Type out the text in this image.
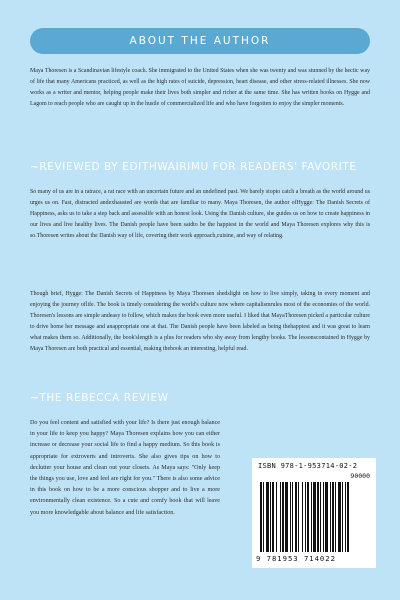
ABOUT THE AUTHOR

Maya Thoresen is a Scandinavian lifestyle coach. She immigrated to the United States when she was twenty and was stunned by the hectic way of life that many Americans practiced, as well as the high rates of suicide, depression, heart disease, and other stress-related illnesses. She now works as a writer and mentor, helping people make their lives both simpler and richer at the same time. She has written books on Hygge and Lagom to reach people who are caught up in the hustle of commercialized life and who have forgotten to enjoy the simpler moments.

~REVIEWED BY EDITHWAIRIMU FOR READERS' FAVORITE

So many of us are in a ratrace, a rat race with an uncertain future and an undefined past. We barely stopto catch a breath as the world around us urges us on. Fast, distracted andexhausted are words that are familiar to many. Maya Thoresen, the author ofHygge: The Danish Secrets of Happiness, asks us to take a step back and assesslife with an honest look. Using the Danish culture, she guides us on how to create happiness in our lives and live healthy lives. The Danish people have been saidto be the happiest in the world and Maya Thoresen explores why this is so.Thoresen writes about the Danish way of life, covering their work approach,cuisine, and way of relating.

Though brief, Hygge: The Danish Secrets of Happiness by Maya Thoresen shedslight on how to live simply, taking in every moment and enjoying the journey oflife. The book is timely considering the world's culture now where capitalismrules most of the economies of the world. Thoresen's lessons are simple andeasy to follow, which makes the book even more useful. I liked that MayaThoresen picked a particular culture to drive home her message and anappropriate one at that. The Danish people have been labeled as being thehappiest and it was great to learn what makes them so. Additionally, the book'slength is a plus for readers who shy away from lengthy books. The lessonscontained in Hygge by Maya Thoresen are both practical and essential, making thebook an interesting, helpful read.

~THE REBECCA REVIEW

Do you feel content and satisfied with your life? Is there just enough balance in your life to keep you happy? Maya Thoresen explains how you can either increase or decrease your social life to find a happy medium. So this book is appropriate for extroverts and introverts. She also gives tips on how to declutter your house and clean out your closets. As Maya says: "Only keep the things you use, love and feel are right for you." There is also some advice in this book on how to be a more conscious shopper and to live a more environmentally clean existence. So a cute and comfy book that will leave you more knowledgable about balance and life satisfaction.

ISBN 978-1-953714-02-2
90000
9 781953 714022
